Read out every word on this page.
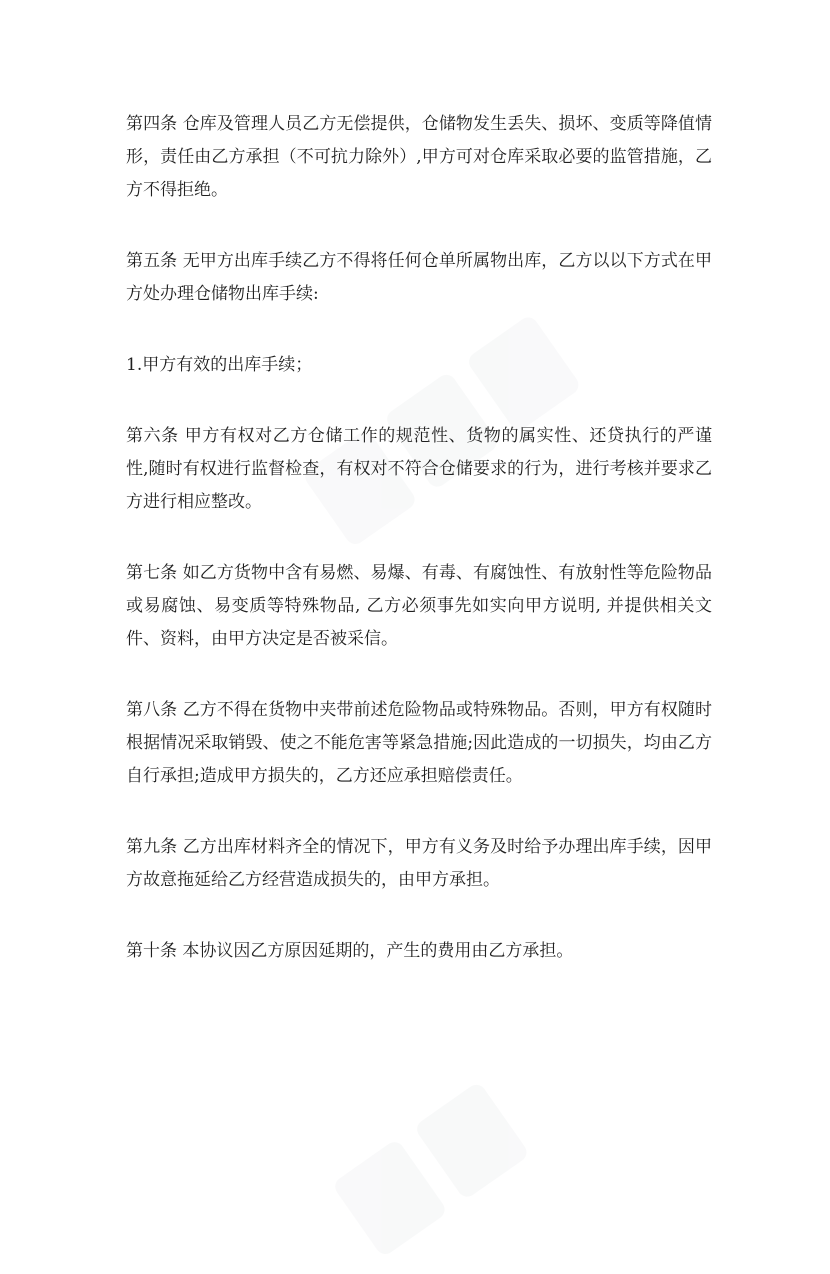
第四条 仓库及管理人员乙方无偿提供，仓储物发生丢失、损坏、变质等降值情形，责任由乙方承担（不可抗力除外）,甲方可对仓库采取必要的监管措施，乙方不得拒绝。

第五条 无甲方出库手续乙方不得将任何仓单所属物出库，乙方以以下方式在甲方处办理仓储物出库手续:

1.甲方有效的出库手续；

第六条 甲方有权对乙方仓储工作的规范性、货物的属实性、还贷执行的严谨性,随时有权进行监督检查，有权对不符合仓储要求的行为，进行考核并要求乙方进行相应整改。

第七条 如乙方货物中含有易燃、易爆、有毒、有腐蚀性、有放射性等危险物品或易腐蚀、易变质等特殊物品, 乙方必须事先如实向甲方说明, 并提供相关文件、资料，由甲方决定是否被采信。

第八条 乙方不得在货物中夹带前述危险物品或特殊物品。否则，甲方有权随时根据情况采取销毁、使之不能危害等紧急措施;因此造成的一切损失，均由乙方自行承担;造成甲方损失的，乙方还应承担赔偿责任。

第九条 乙方出库材料齐全的情况下，甲方有义务及时给予办理出库手续，因甲方故意拖延给乙方经营造成损失的，由甲方承担。

第十条 本协议因乙方原因延期的，产生的费用由乙方承担。
